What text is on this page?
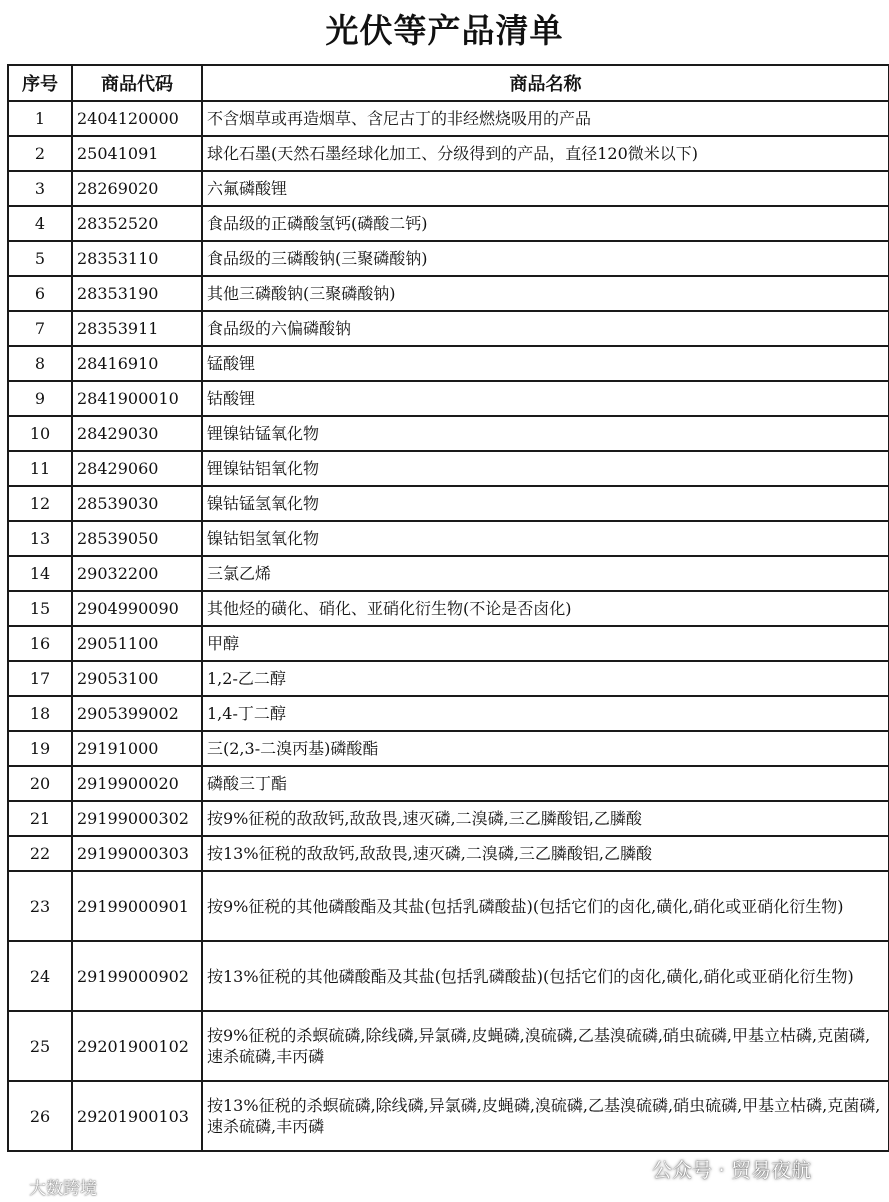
光伏等产品清单
序号	商品代码	商品名称
1	2404120000	不含烟草或再造烟草、含尼古丁的非经燃烧吸用的产品
2	25041091	球化石墨(天然石墨经球化加工、分级得到的产品，直径120微米以下)
3	28269020	六氟磷酸锂
4	28352520	食品级的正磷酸氢钙(磷酸二钙)
5	28353110	食品级的三磷酸钠(三聚磷酸钠)
6	28353190	其他三磷酸钠(三聚磷酸钠)
7	28353911	食品级的六偏磷酸钠
8	28416910	锰酸锂
9	2841900010	钴酸锂
10	28429030	锂镍钴锰氧化物
11	28429060	锂镍钴铝氧化物
12	28539030	镍钴锰氢氧化物
13	28539050	镍钴铝氢氧化物
14	29032200	三氯乙烯
15	2904990090	其他烃的磺化、硝化、亚硝化衍生物(不论是否卤化)
16	29051100	甲醇
17	29053100	1,2-乙二醇
18	2905399002	1,4-丁二醇
19	29191000	三(2,3-二溴丙基)磷酸酯
20	2919900020	磷酸三丁酯
21	29199000302	按9%征税的敌敌钙,敌敌畏,速灭磷,二溴磷,三乙膦酸铝,乙膦酸
22	29199000303	按13%征税的敌敌钙,敌敌畏,速灭磷,二溴磷,三乙膦酸铝,乙膦酸
23	29199000901	按9%征税的其他磷酸酯及其盐(包括乳磷酸盐)(包括它们的卤化,磺化,硝化或亚硝化衍生物)
24	29199000902	按13%征税的其他磷酸酯及其盐(包括乳磷酸盐)(包括它们的卤化,磺化,硝化或亚硝化衍生物)
25	29201900102	按9%征税的杀螟硫磷,除线磷,异氯磷,皮蝇磷,溴硫磷,乙基溴硫磷,硝虫硫磷,甲基立枯磷,克菌磷,速杀硫磷,丰丙磷
26	29201900103	按13%征税的杀螟硫磷,除线磷,异氯磷,皮蝇磷,溴硫磷,乙基溴硫磷,硝虫硫磷,甲基立枯磷,克菌磷,速杀硫磷,丰丙磷
大数跨境
公众号 · 贸易夜航
